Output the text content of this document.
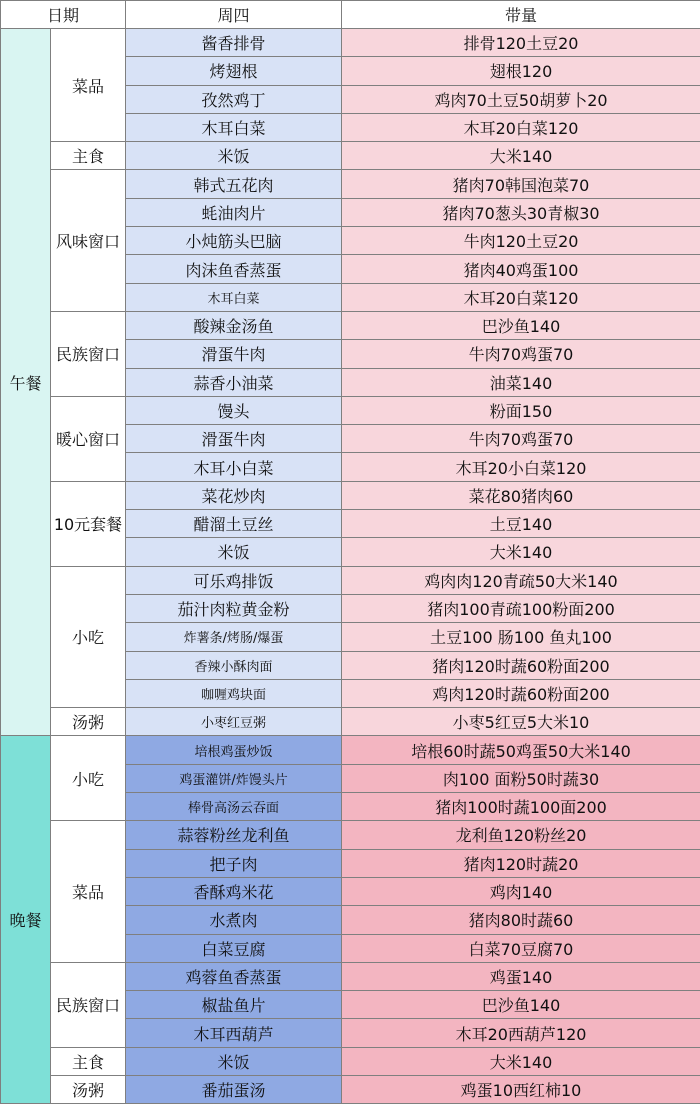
日期		周四	带量
午餐	菜品	酱香排骨	排骨120土豆20
		烤翅根	翅根120
		孜然鸡丁	鸡肉70土豆50胡萝卜20
		木耳白菜	木耳20白菜120
	主食	米饭	大米140
	风味窗口	韩式五花肉	猪肉70韩国泡菜70
		蚝油肉片	猪肉70葱头30青椒30
		小炖筋头巴脑	牛肉120土豆20
		肉沫鱼香蒸蛋	猪肉40鸡蛋100
		木耳白菜	木耳20白菜120
	民族窗口	酸辣金汤鱼	巴沙鱼140
		滑蛋牛肉	牛肉70鸡蛋70
		蒜香小油菜	油菜140
	暖心窗口	馒头	粉面150
		滑蛋牛肉	牛肉70鸡蛋70
		木耳小白菜	木耳20小白菜120
	10元套餐	菜花炒肉	菜花80猪肉60
		醋溜土豆丝	土豆140
		米饭	大米140
	小吃	可乐鸡排饭	鸡肉肉120青疏50大米140
		茄汁肉粒黄金粉	猪肉100青疏100粉面200
		炸薯条/烤肠/爆蛋	土豆100 肠100 鱼丸100
		香辣小酥肉面	猪肉120时蔬60粉面200
		咖喱鸡块面	鸡肉120时蔬60粉面200
	汤粥	小枣红豆粥	小枣5红豆5大米10
晚餐	小吃	培根鸡蛋炒饭	培根60时蔬50鸡蛋50大米140
		鸡蛋灌饼/炸馒头片	肉100 面粉50时蔬30
		棒骨高汤云吞面	猪肉100时蔬100面200
	菜品	蒜蓉粉丝龙利鱼	龙利鱼120粉丝20
		把子肉	猪肉120时蔬20
		香酥鸡米花	鸡肉140
		水煮肉	猪肉80时蔬60
		白菜豆腐	白菜70豆腐70
	民族窗口	鸡蓉鱼香蒸蛋	鸡蛋140
		椒盐鱼片	巴沙鱼140
		木耳西葫芦	木耳20西葫芦120
	主食	米饭	大米140
	汤粥	番茄蛋汤	鸡蛋10西红柿10
